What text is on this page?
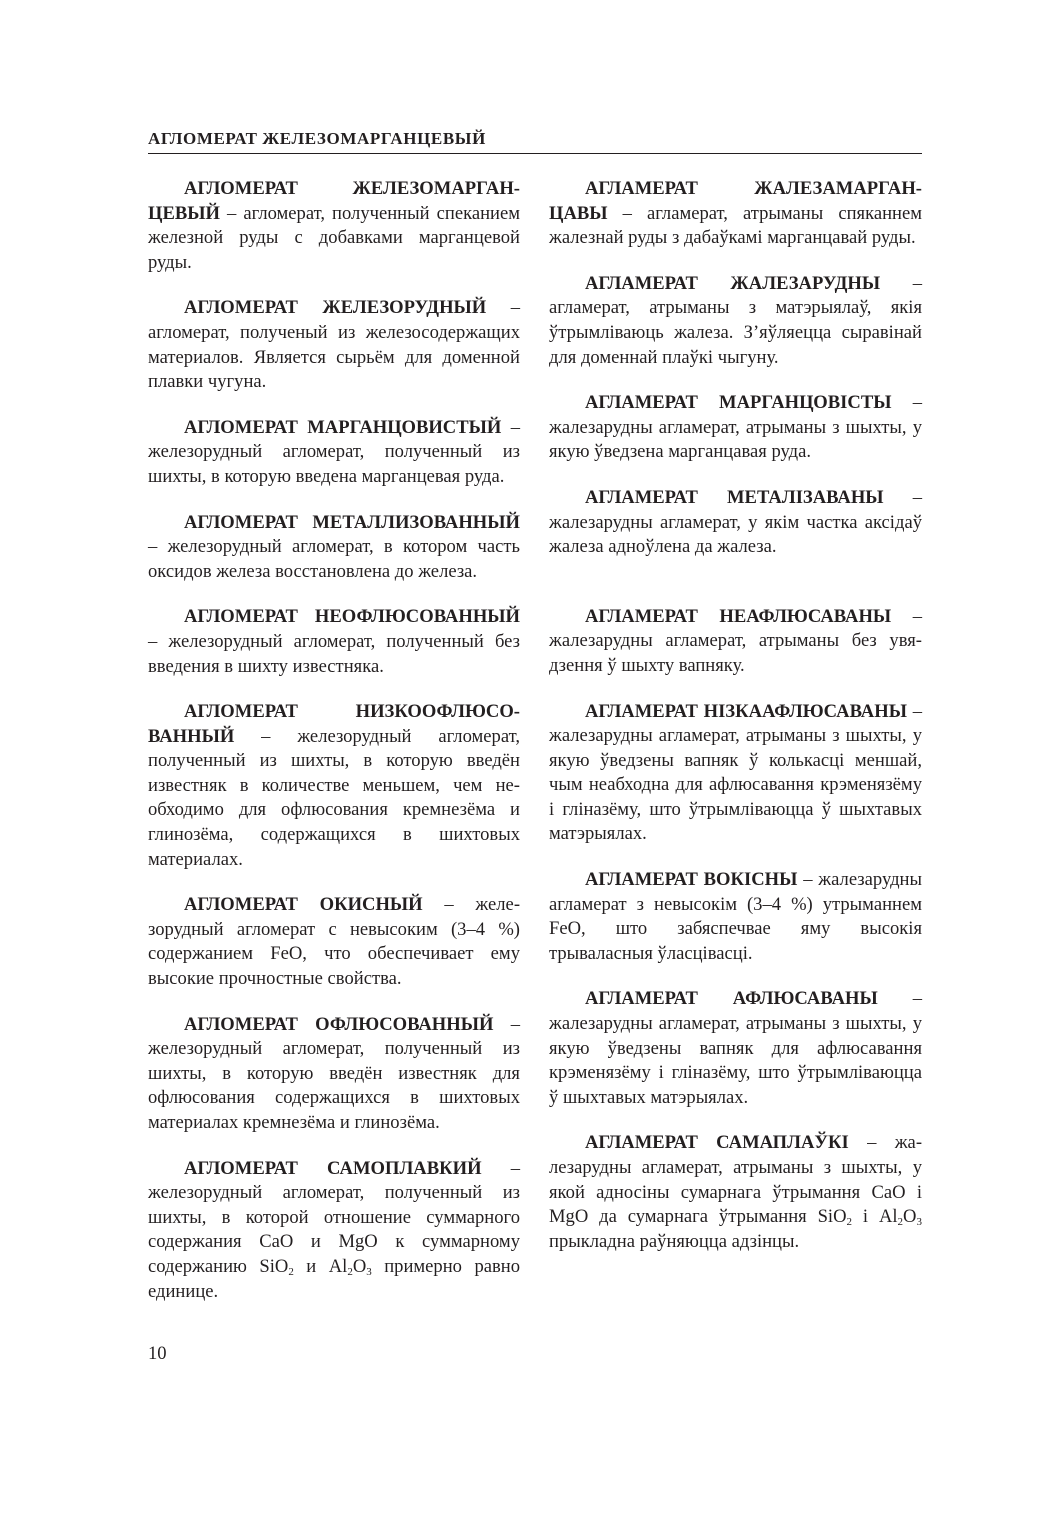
АГЛОМЕРАТ ЖЕЛЕЗОМАРГАНЦЕВЫЙ

АГЛОМЕРАТ ЖЕЛЕЗОМАРГАНЦЕВЫЙ – агломерат, полученный спеканием железной руды с добавками марганцевой руды.

АГЛОМЕРАТ ЖЕЛЕЗОРУДНЫЙ – агломерат, полученый из железосодержащих материалов. Является сырьём для доменной плавки чугуна.

АГЛОМЕРАТ МАРГАНЦОВИСТЫЙ – железорудный агломерат, полученный из шихты, в которую введена марганцевая руда.

АГЛОМЕРАТ МЕТАЛЛИЗОВАННЫЙ – железорудный агломерат, в котором часть оксидов железа восстановлена до железа.

АГЛОМЕРАТ НЕОФЛЮСОВАННЫЙ – железорудный агломерат, полученный без введения в шихту известняка.

АГЛОМЕРАТ НИЗКООФЛЮСОВАННЫЙ – железорудный агломерат, полученный из шихты, в которую введён известняк в количестве меньшем, чем необходимо для офлюсования кремнезёма и глинозёма, содержащихся в шихтовых материалах.

АГЛОМЕРАТ ОКИСНЫЙ – железорудный агломерат с невысоким (3–4 %) содержанием FeO, что обеспечивает ему высокие прочностные свойства.

АГЛОМЕРАТ ОФЛЮСОВАННЫЙ – железорудный агломерат, полученный из шихты, в которую введён известняк для офлюсования содержащихся в шихтовых материалах кремнезёма и глинозёма.

АГЛОМЕРАТ САМОПЛАВКИЙ – железорудный агломерат, полученный из шихты, в которой отношение суммарного содержания CaO и MgO к суммарному содержанию SiO$_2$ и $Al_2O_3$ примерно равно единице.

АГЛАМЕРАТ ЖАЛЕЗАМАРГАНЦАВЫ – агламерат, атрыманы спяканнем жалезнай руды з дабаўкамі марганцавай руды.

АГЛАМЕРАТ ЖАЛЕЗАРУДНЫ – агламерат, атрыманы з матэрыялаў, якія ўтрымліваюць жалеза. З’яўляецца сыравінай для доменнай плаўкі чыгуну.

АГЛАМЕРАТ МАРГАНЦОВІСТЫ – жалезарудны агламерат, атрыманы з шыхты, у якую ўведзена марганцавая руда.

АГЛАМЕРАТ МЕТАЛІЗАВАНЫ – жалезарудны агламерат, у якім частка аксідаў жалеза адноўлена да жалеза.

АГЛАМЕРАТ НЕАФЛЮСАВАНЫ – жалезарудны агламерат, атрыманы без увядзення ў шыхту вапняку.

АГЛАМЕРАТ НІЗКААФЛЮСАВАНЫ – жалезарудны агламерат, атрыманы з шыхты, у якую ўведзены вапняк ў колькасці меншай, чым неабходна для афлюсавання крэменязёму і гліназёму, што ўтрымліваюцца ў шыхтавых матэрыялах.

АГЛАМЕРАТ ВОКІСНЫ – жалезарудны агламерат з невысокім (3–4 %) утрыманнем FeO, што забяспечвае яму высокія трываласныя ўласцівасці.

АГЛАМЕРАТ АФЛЮСАВАНЫ – жалезарудны агламерат, атрыманы з шыхты, у якую ўведзены вапняк для афлюсавання крэменязёму і гліназёму, што ўтрымліваюцца ў шыхтавых матэрыялах.

АГЛАМЕРАТ САМАПЛАЎКІ – жалезарудны агламерат, атрыманы з шыхты, у якой адносіны сумарнага ўтрымання CaO і MgO да сумарнага ўтрымання SiO$_2$ і $Al_2O_3$ прыкладна раўняюцца адзінцы.

10
